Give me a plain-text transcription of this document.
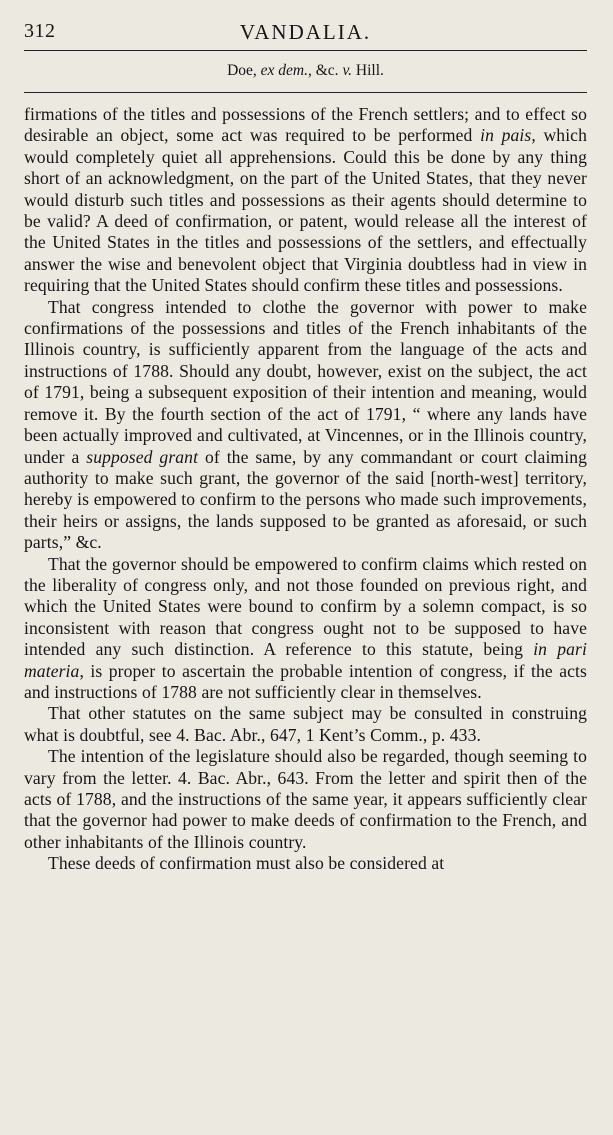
312	VANDALIA.
Doe, ex dem., &c. v. Hill.

firmations of the titles and possessions of the French settlers; and to effect so desirable an object, some act was required to be performed in pais, which would completely quiet all apprehensions. Could this be done by any thing short of an acknowledgment, on the part of the United States, that they never would disturb such titles and possessions as their agents should determine to be valid? A deed of confirmation, or patent, would release all the interest of the United States in the titles and possessions of the settlers, and effectually answer the wise and benevolent object that Virginia doubtless had in view in requiring that the United States should confirm these titles and possessions.

That congress intended to clothe the governor with power to make confirmations of the possessions and titles of the French inhabitants of the Illinois country, is sufficiently apparent from the language of the acts and instructions of 1788. Should any doubt, however, exist on the subject, the act of 1791, being a subsequent exposition of their intention and meaning, would remove it. By the fourth section of the act of 1791, “ where any lands have been actually improved and cultivated, at Vincennes, or in the Illinois country, under a supposed grant of the same, by any commandant or court claiming authority to make such grant, the governor of the said [north-west] territory, hereby is empowered to confirm to the persons who made such improvements, their heirs or assigns, the lands supposed to be granted as aforesaid, or such parts,” &c.

That the governor should be empowered to confirm claims which rested on the liberality of congress only, and not those founded on previous right, and which the United States were bound to confirm by a solemn compact, is so inconsistent with reason that congress ought not to be supposed to have intended any such distinction. A reference to this statute, being in pari materia, is proper to ascertain the probable intention of congress, if the acts and instructions of 1788 are not sufficiently clear in themselves.

That other statutes on the same subject may be consulted in construing what is doubtful, see 4. Bac. Abr., 647, 1 Kent’s Comm., p. 433.

The intention of the legislature should also be regarded, though seeming to vary from the letter. 4. Bac. Abr., 643. From the letter and spirit then of the acts of 1788, and the instructions of the same year, it appears sufficiently clear that the governor had power to make deeds of confirmation to the French, and other inhabitants of the Illinois country.

These deeds of confirmation must also be considered at
